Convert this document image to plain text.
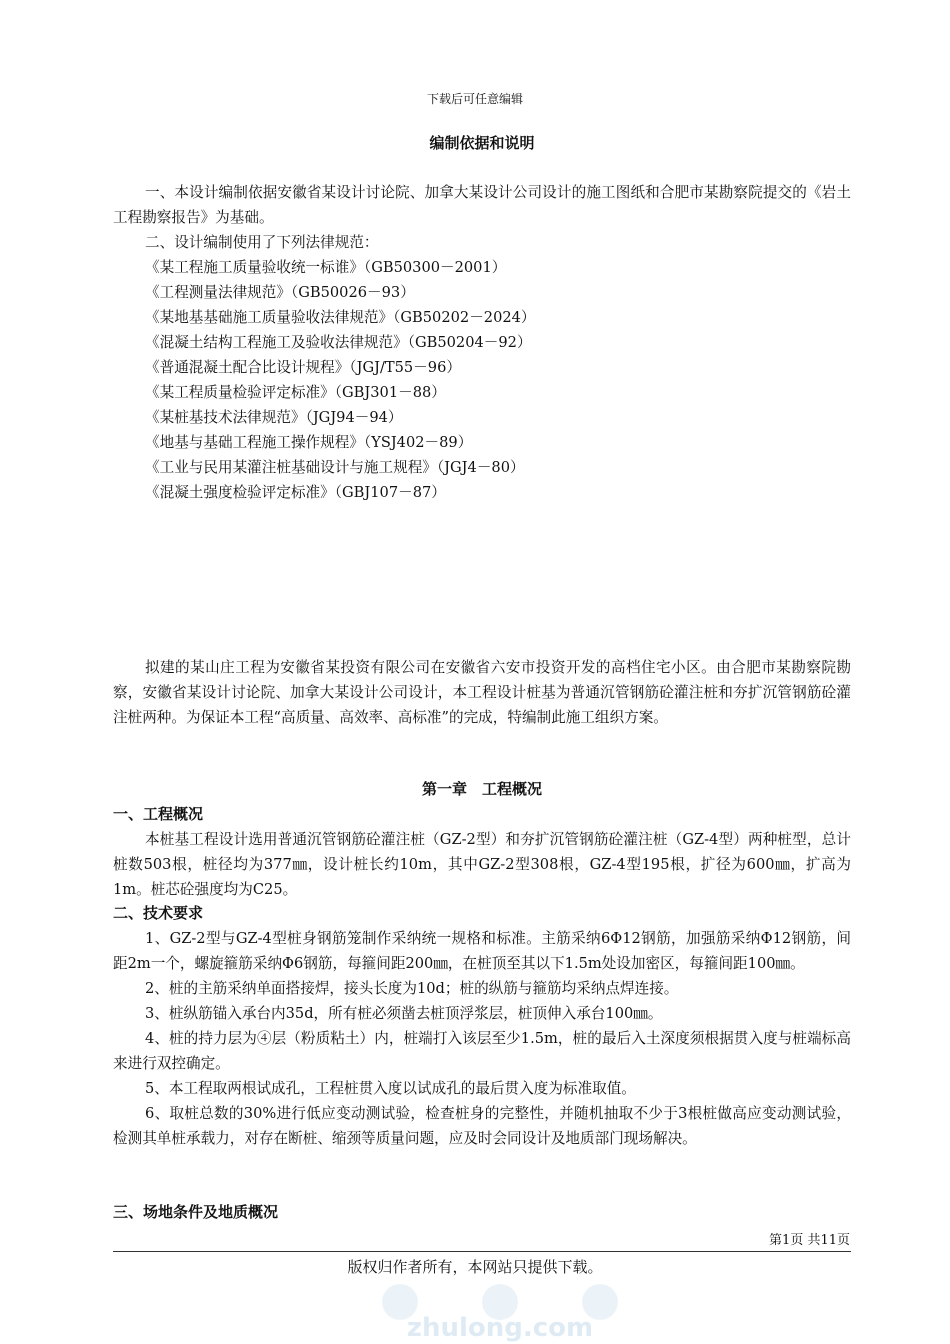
下载后可任意编辑
编制依据和说明
一、本设计编制依据安徽省某设计讨论院、加拿大某设计公司设计的施工图纸和合肥市某勘察院提交的《岩土工程勘察报告》为基础。
二、设计编制使用了下列法律规范：
《某工程施工质量验收统一标谁》（GB50300－2001）
《工程测量法律规范》（GB50026－93）
《某地基基础施工质量验收法律规范》（GB50202－2024）
《混凝土结构工程施工及验收法律规范》（GB50204－92）
《普通混凝土配合比设计规程》（JGJ/T55－96）
《某工程质量检验评定标准》（GBJ301－88）
《某桩基技术法律规范》（JGJ94－94）
《地基与基础工程施工操作规程》（YSJ402－89）
《工业与民用某灌注桩基础设计与施工规程》（JGJ4－80）
《混凝土强度检验评定标准》（GBJ107－87）
拟建的某山庄工程为安徽省某投资有限公司在安徽省六安市投资开发的高档住宅小区。由合肥市某勘察院勘察，安徽省某设计讨论院、加拿大某设计公司设计，本工程设计桩基为普通沉管钢筋砼灌注桩和夯扩沉管钢筋砼灌注桩两种。为保证本工程“高质量、高效率、高标准”的完成，特编制此施工组织方案。
第一章　工程概况
一、工程概况
本桩基工程设计选用普通沉管钢筋砼灌注桩（GZ-2型）和夯扩沉管钢筋砼灌注桩（GZ-4型）两种桩型，总计桩数503根，桩径均为377㎜，设计桩长约10m，其中GZ-2型308根，GZ-4型195根，扩径为600㎜，扩高为1m。桩芯砼强度均为C25。
二、技术要求
1、GZ-2型与GZ-4型桩身钢筋笼制作采纳统一规格和标准。主筋采纳6Φ12钢筋，加强筋采纳Φ12钢筋，间距2m一个，螺旋箍筋采纳Φ6钢筋，每箍间距200㎜，在桩顶至其以下1.5m处设加密区，每箍间距100㎜。
2、桩的主筋采纳单面搭接焊，接头长度为10d；桩的纵筋与箍筋均采纳点焊连接。
3、桩纵筋锚入承台内35d，所有桩必须凿去桩顶浮浆层，桩顶伸入承台100㎜。
4、桩的持力层为④层（粉质粘土）内，桩端打入该层至少1.5m，桩的最后入土深度须根据贯入度与桩端标高来进行双控确定。
5、本工程取两根试成孔，工程桩贯入度以试成孔的最后贯入度为标准取值。
6、取桩总数的30%进行低应变动测试验，检查桩身的完整性，并随机抽取不少于3根桩做高应变动测试验，检测其单桩承载力，对存在断桩、缩颈等质量问题，应及时会同设计及地质部门现场解决。
三、场地条件及地质概况
第1页 共11页
版权归作者所有，本网站只提供下载。
zhulong.com
